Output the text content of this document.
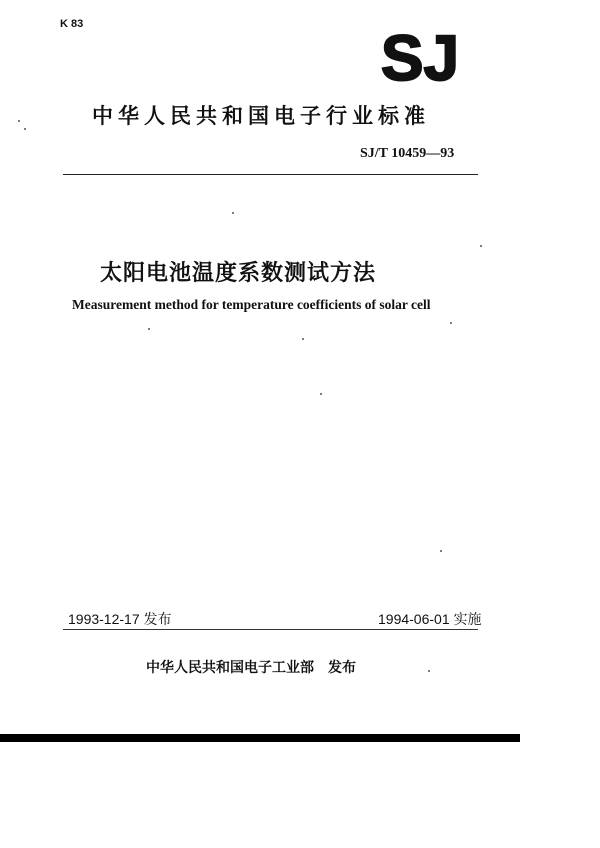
K 83	SJ
中华人民共和国电子行业标准
SJ/T 10459—93
太阳电池温度系数测试方法
Measurement method for temperature coefficients of solar cell
1993-12-17 发布	1994-06-01 实施
中华人民共和国电子工业部　发布
